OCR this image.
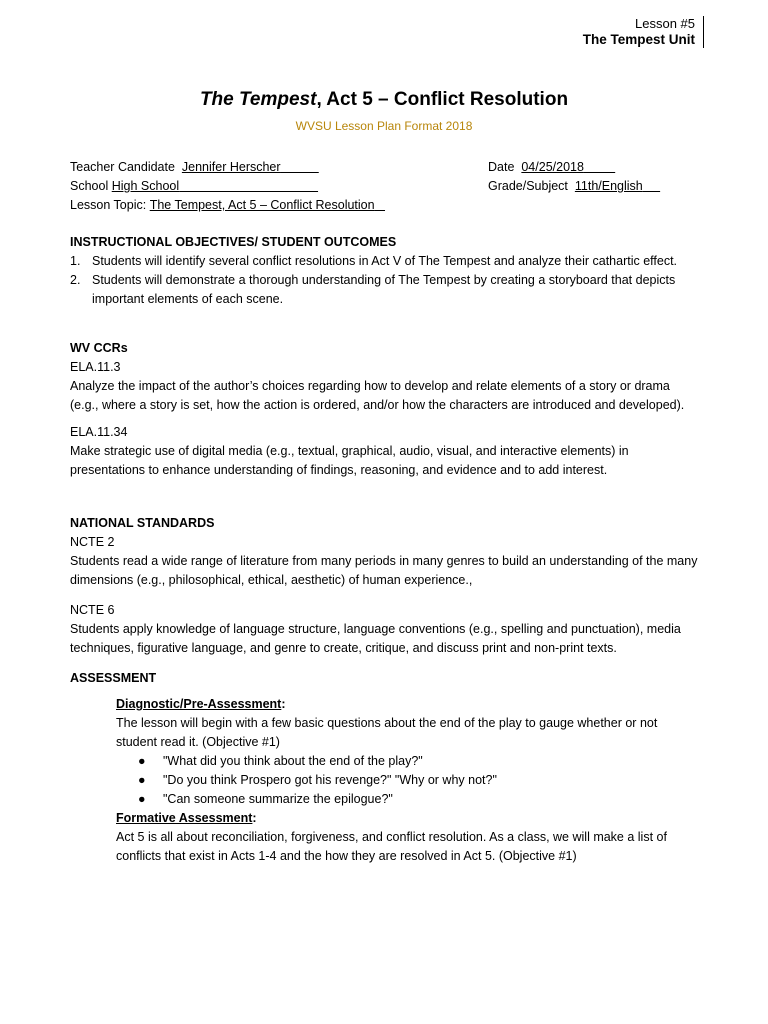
Lesson #5
The Tempest Unit
The Tempest, Act 5 – Conflict Resolution
WVSU Lesson Plan Format 2018
Teacher Candidate Jennifer Herscher	Date 04/25/2018
School High School	Grade/Subject 11th/English
Lesson Topic: The Tempest, Act 5 – Conflict Resolution
INSTRUCTIONAL OBJECTIVES/ STUDENT OUTCOMES
1. Students will identify several conflict resolutions in Act V of The Tempest and analyze their cathartic effect.
2. Students will demonstrate a thorough understanding of The Tempest by creating a storyboard that depicts important elements of each scene.
WV CCRs
ELA.11.3
Analyze the impact of the author’s choices regarding how to develop and relate elements of a story or drama (e.g., where a story is set, how the action is ordered, and/or how the characters are introduced and developed).
ELA.11.34
Make strategic use of digital media (e.g., textual, graphical, audio, visual, and interactive elements) in presentations to enhance understanding of findings, reasoning, and evidence and to add interest.
NATIONAL STANDARDS
NCTE 2
Students read a wide range of literature from many periods in many genres to build an understanding of the many dimensions (e.g., philosophical, ethical, aesthetic) of human experience.,
NCTE 6
Students apply knowledge of language structure, language conventions (e.g., spelling and punctuation), media techniques, figurative language, and genre to create, critique, and discuss print and non-print texts.
ASSESSMENT
Diagnostic/Pre-Assessment:
The lesson will begin with a few basic questions about the end of the play to gauge whether or not student read it. (Objective #1)
● "What did you think about the end of the play?"
● "Do you think Prospero got his revenge?" "Why or why not?"
● "Can someone summarize the epilogue?"
Formative Assessment:
Act 5 is all about reconciliation, forgiveness, and conflict resolution. As a class, we will make a list of conflicts that exist in Acts 1-4 and the how they are resolved in Act 5. (Objective #1)
